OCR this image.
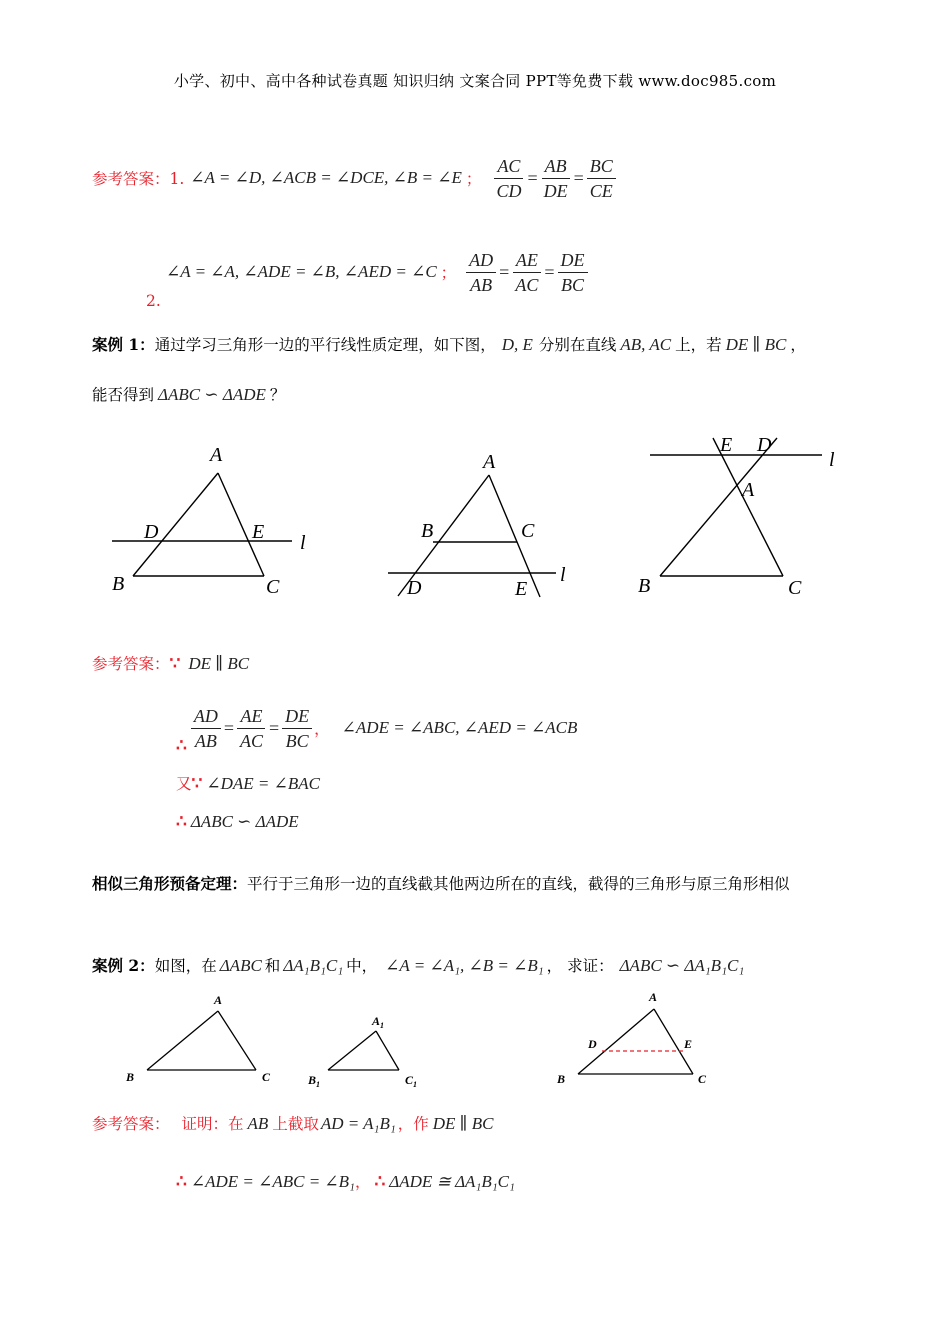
小学、初中、高中各种试卷真题 知识归纳 文案合同 PPT等免费下载 www.doc985.com
参考答案：1. ∠A = ∠D, ∠ACB = ∠DCE, ∠B = ∠E ； $\frac{AC}{CD} = \frac{AB}{DE} = \frac{BC}{CE}$
2.
∠A = ∠A, ∠ADE = ∠B, ∠AED = ∠C ； $\frac{AD}{AB} = \frac{AE}{AC} = \frac{DE}{BC}$
案例 1：通过学习三角形一边的平行线性质定理，如下图， D, E 分别在直线 AB, AC 上，若 DE ∥ BC ，
能否得到 ΔABC ∽ ΔADE ？
A
D	E l
B	C
A
B	C
l
D	E
E D
l
A
B	C
参考答案：∵ DE ∥ BC
∴ $\frac{AD}{AB} = \frac{AE}{AC} = \frac{DE}{BC}$ ， ∠ADE = ∠ABC, ∠AED = ∠ACB
又∵ ∠DAE = ∠BAC
∴ ΔABC ∽ ΔADE
相似三角形预备定理：平行于三角形一边的直线截其他两边所在的直线，截得的三角形与原三角形相似
案例 2：如图，在 ΔABC 和 ΔA₁B₁C₁ 中， ∠A = ∠A₁, ∠B = ∠B₁ ， 求证： ΔABC ∽ ΔA₁B₁C₁
A
B	C
$A_1$
$B_1$	$C_1$
A
D	E
B	C
参考答案： 证明：在 AB 上截取 AD = A₁B₁ ，作 DE ∥ BC
∴ ∠ADE = ∠ABC = ∠B₁， ∴ ΔADE ≅ ΔA₁B₁C₁
